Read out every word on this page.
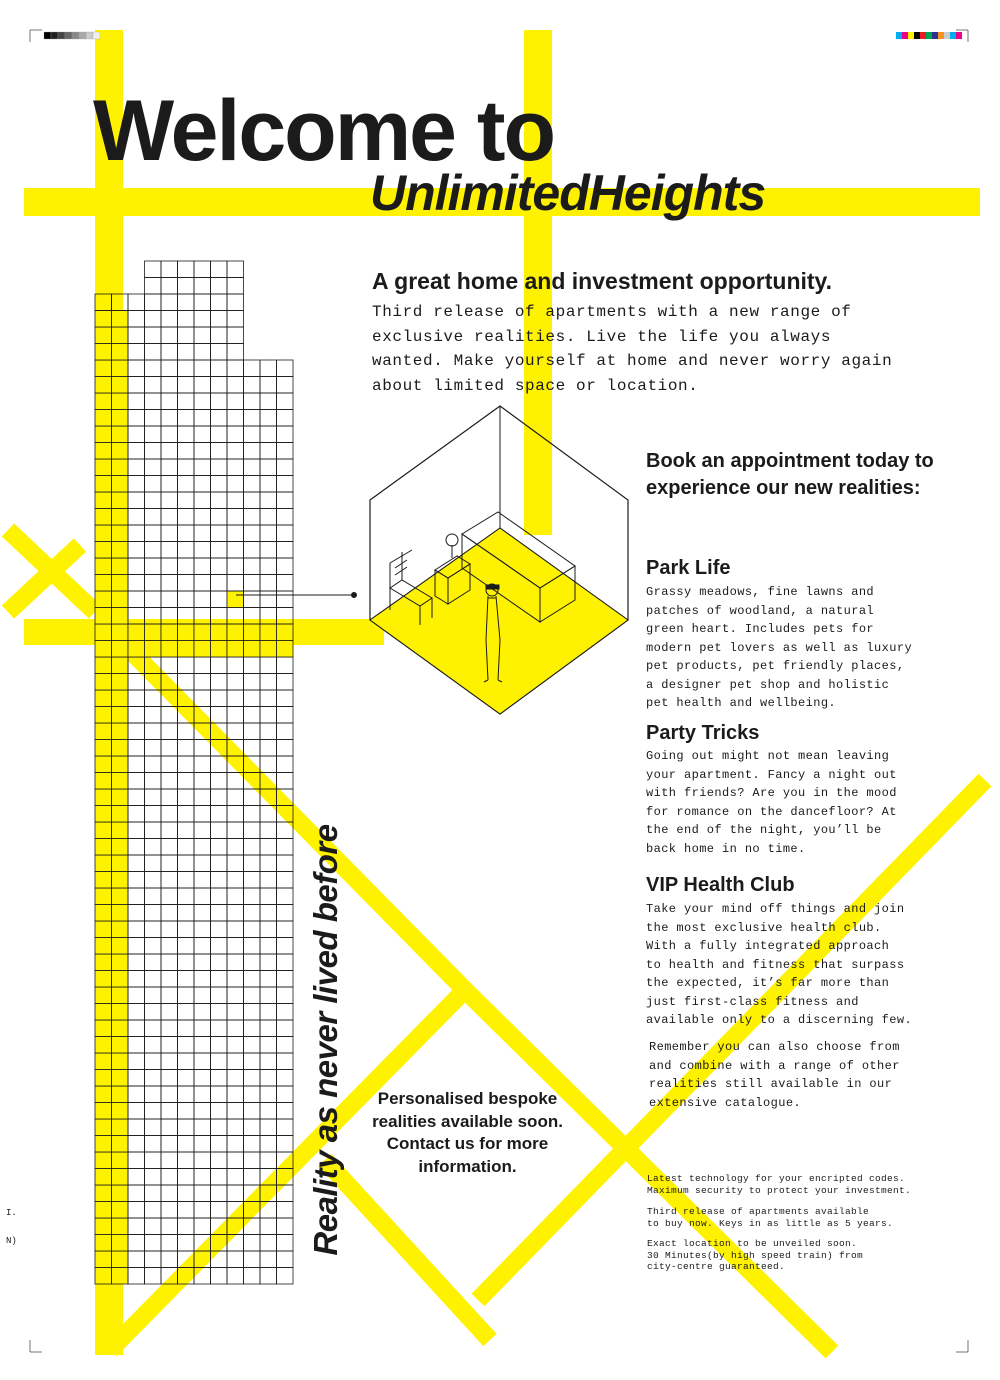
Welcome to
UnlimitedHeights
A great home and investment opportunity.
Third release of apartments with a new range of
exclusive realities. Live the life you always
wanted. Make yourself at home and never worry again
about limited space or location.
Book an appointment today to experience our new realities:
Park Life
Grassy meadows, fine lawns and
patches of woodland, a natural
green heart. Includes pets for
modern pet lovers as well as luxury
pet products, pet friendly places,
a designer pet shop and holistic
pet health and wellbeing.
Party Tricks
Going out might not mean leaving
your apartment. Fancy a night out
with friends? Are you in the mood
for romance on the dancefloor? At
the end of the night, you’ll be
back home in no time.
VIP Health Club
Take your mind off things and join
the most exclusive health club.
With a fully integrated approach
to health and fitness that surpass
the expected, it’s far more than
just first-class fitness and
available only to a discerning few.
Remember you can also choose from
and combine with a range of other
realities still available in our
extensive catalogue.
Personalised bespoke realities available soon. Contact us for more information.
Reality as never lived before	Latest technology for your encripted codes.
Maximum security to protect your investment.
Third release of apartments available
to buy now. Keys in as little as 5 years.
Exact location to be unveiled soon.
30 Minutes(by high speed train) from
city-centre guaranteed.
I.
N)
